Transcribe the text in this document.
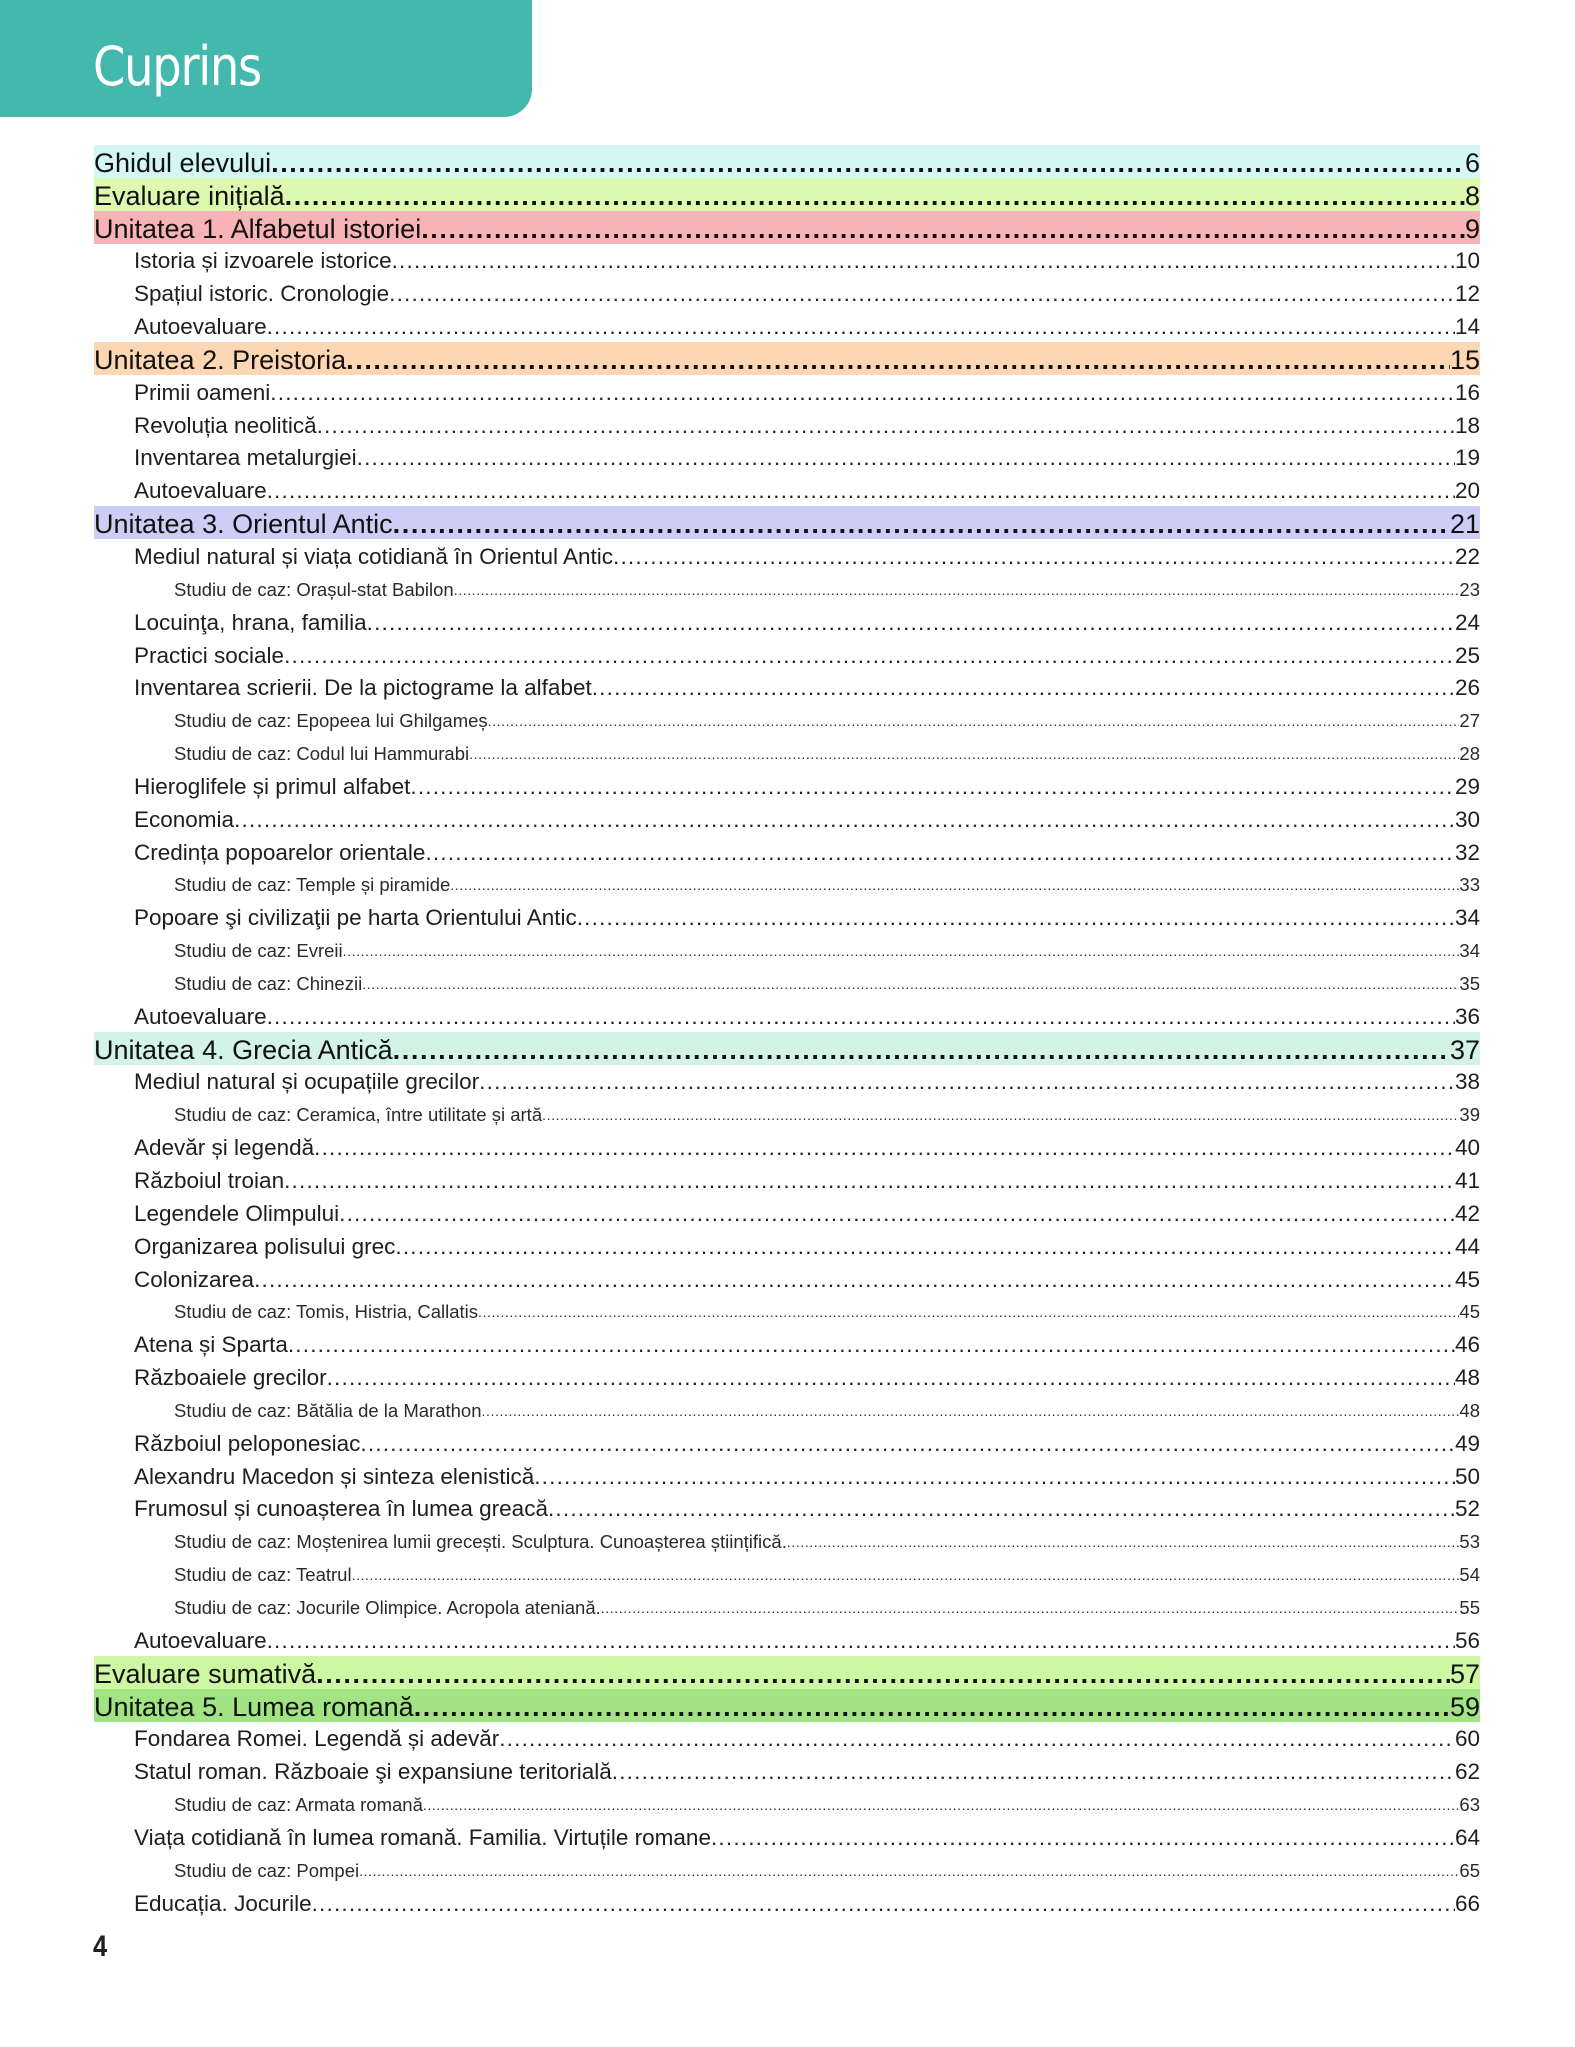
Cuprins
Ghidul elevului .....	6
Evaluare inițială .....	8
Unitatea 1. Alfabetul istoriei .....	9
Istoria și izvoarele istorice .....	10
Spațiul istoric. Cronologie .....	12
Autoevaluare .....	14
Unitatea 2. Preistoria .....	15
Primii oameni .....	16
Revoluția neolitică .....	18
Inventarea metalurgiei .....	19
Autoevaluare .....	20
Unitatea 3. Orientul Antic .....	21
Mediul natural și viața cotidiană în Orientul Antic .....	22
Studiu de caz: Orașul-stat Babilon .....	23
Locuinţa, hrana, familia .....	24
Practici sociale .....	25
Inventarea scrierii. De la pictograme la alfabet .....	26
Studiu de caz: Epopeea lui Ghilgameș .....	27
Studiu de caz: Codul lui Hammurabi .....	28
Hieroglifele și primul alfabet .....	29
Economia .....	30
Credința popoarelor orientale .....	32
Studiu de caz: Temple și piramide .....	33
Popoare şi civilizaţii pe harta Orientului Antic .....	34
Studiu de caz: Evreii .....	34
Studiu de caz: Chinezii .....	35
Autoevaluare .....	36
Unitatea 4. Grecia Antică .....	37
Mediul natural și ocupațiile grecilor .....	38
Studiu de caz: Ceramica, între utilitate și artă .....	39
Adevăr și legendă .....	40
Războiul troian .....	41
Legendele Olimpului .....	42
Organizarea polisului grec .....	44
Colonizarea .....	45
Studiu de caz: Tomis, Histria, Callatis .....	45
Atena și Sparta .....	46
Războaiele grecilor .....	48
Studiu de caz: Bătălia de la Marathon .....	48
Războiul peloponesiac .....	49
Alexandru Macedon și sinteza elenistică .....	50
Frumosul și cunoașterea în lumea greacă .....	52
Studiu de caz: Moștenirea lumii grecești. Sculptura. Cunoașterea științifică. .....	53
Studiu de caz: Teatrul .....	54
Studiu de caz: Jocurile Olimpice. Acropola ateniană. .....	55
Autoevaluare .....	56
Evaluare sumativă .....	57
Unitatea 5. Lumea romană .....	59
Fondarea Romei. Legendă și adevăr .....	60
Statul roman. Războaie şi expansiune teritorială .....	62
Studiu de caz: Armata romană .....	63
Viața cotidiană în lumea romană. Familia. Virtuțile romane .....	64
Studiu de caz: Pompei .....	65
Educația. Jocurile .....	66
4
